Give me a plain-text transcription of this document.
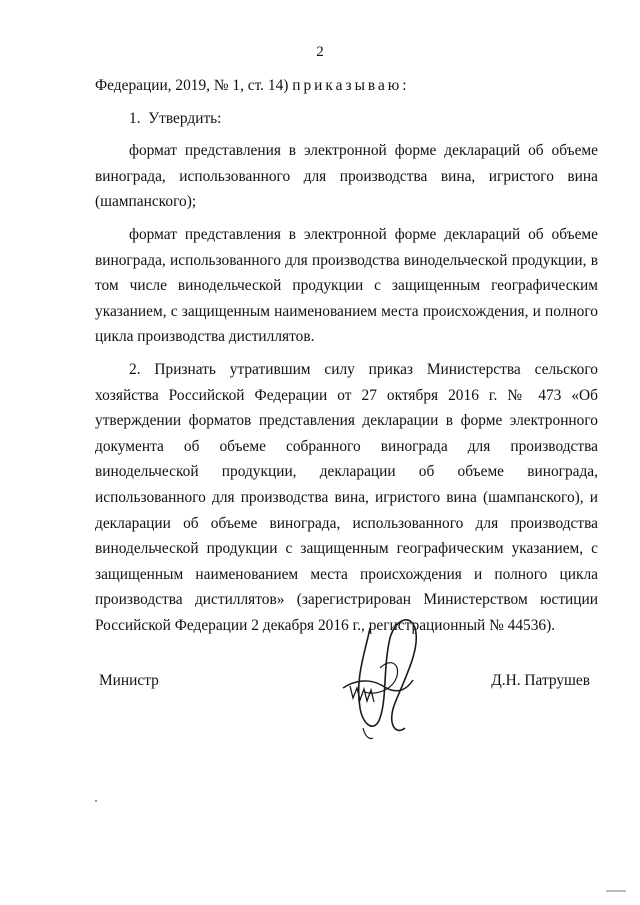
2

Федерации, 2019, № 1, ст. 14) приказываю:

1. Утвердить:

формат представления в электронной форме деклараций об объеме винограда, использованного для производства вина, игристого вина (шампанского);

формат представления в электронной форме деклараций об объеме винограда, использованного для производства винодельческой продукции, в том числе винодельческой продукции с защищенным географическим указанием, с защищенным наименованием места происхождения, и полного цикла производства дистиллятов.

2. Признать утратившим силу приказ Министерства сельского хозяйства Российской Федерации от 27 октября 2016 г. № 473 «Об утверждении форматов представления декларации в форме электронного документа об объеме собранного винограда для производства винодельческой продукции, декларации об объеме винограда, использованного для производства вина, игристого вина (шампанского), и декларации об объеме винограда, использованного для производства винодельческой продукции с защищенным географическим указанием, с защищенным наименованием места происхождения и полного цикла производства дистиллятов» (зарегистрирован Министерством юстиции Российской Федерации 2 декабря 2016 г., регистрационный № 44536).

Министр	Д.Н. Патрушев
